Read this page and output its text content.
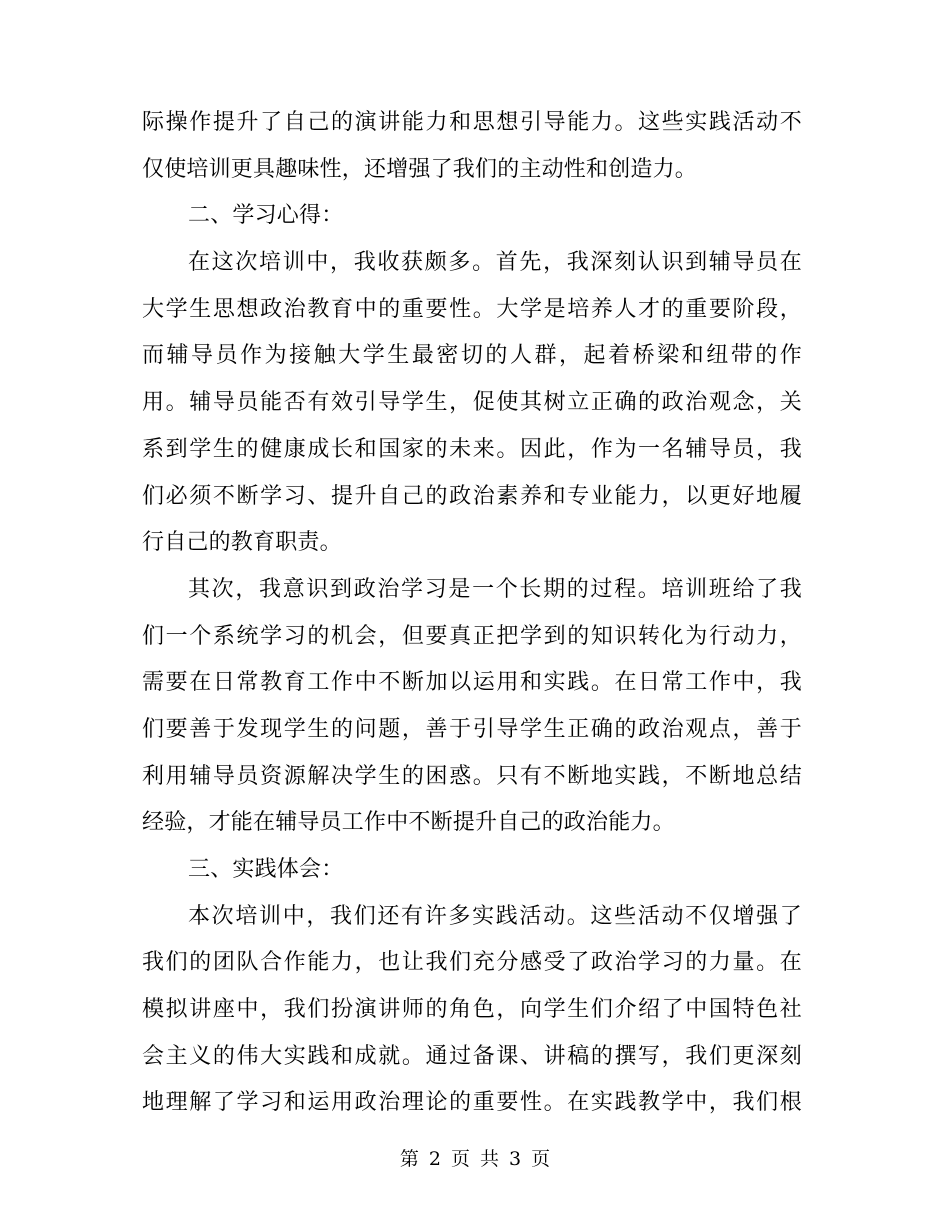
际操作提升了自己的演讲能力和思想引导能力。这些实践活动不
仅使培训更具趣味性，还增强了我们的主动性和创造力。
二、学习心得：
在这次培训中，我收获颇多。首先，我深刻认识到辅导员在
大学生思想政治教育中的重要性。大学是培养人才的重要阶段，
而辅导员作为接触大学生最密切的人群，起着桥梁和纽带的作
用。辅导员能否有效引导学生，促使其树立正确的政治观念，关
系到学生的健康成长和国家的未来。因此，作为一名辅导员，我
们必须不断学习、提升自己的政治素养和专业能力，以更好地履
行自己的教育职责。
其次，我意识到政治学习是一个长期的过程。培训班给了我
们一个系统学习的机会，但要真正把学到的知识转化为行动力，
需要在日常教育工作中不断加以运用和实践。在日常工作中，我
们要善于发现学生的问题，善于引导学生正确的政治观点，善于
利用辅导员资源解决学生的困惑。只有不断地实践，不断地总结
经验，才能在辅导员工作中不断提升自己的政治能力。
三、实践体会：
本次培训中，我们还有许多实践活动。这些活动不仅增强了
我们的团队合作能力，也让我们充分感受了政治学习的力量。在
模拟讲座中，我们扮演讲师的角色，向学生们介绍了中国特色社
会主义的伟大实践和成就。通过备课、讲稿的撰写，我们更深刻
地理解了学习和运用政治理论的重要性。在实践教学中，我们根
第 2 页 共 3 页
